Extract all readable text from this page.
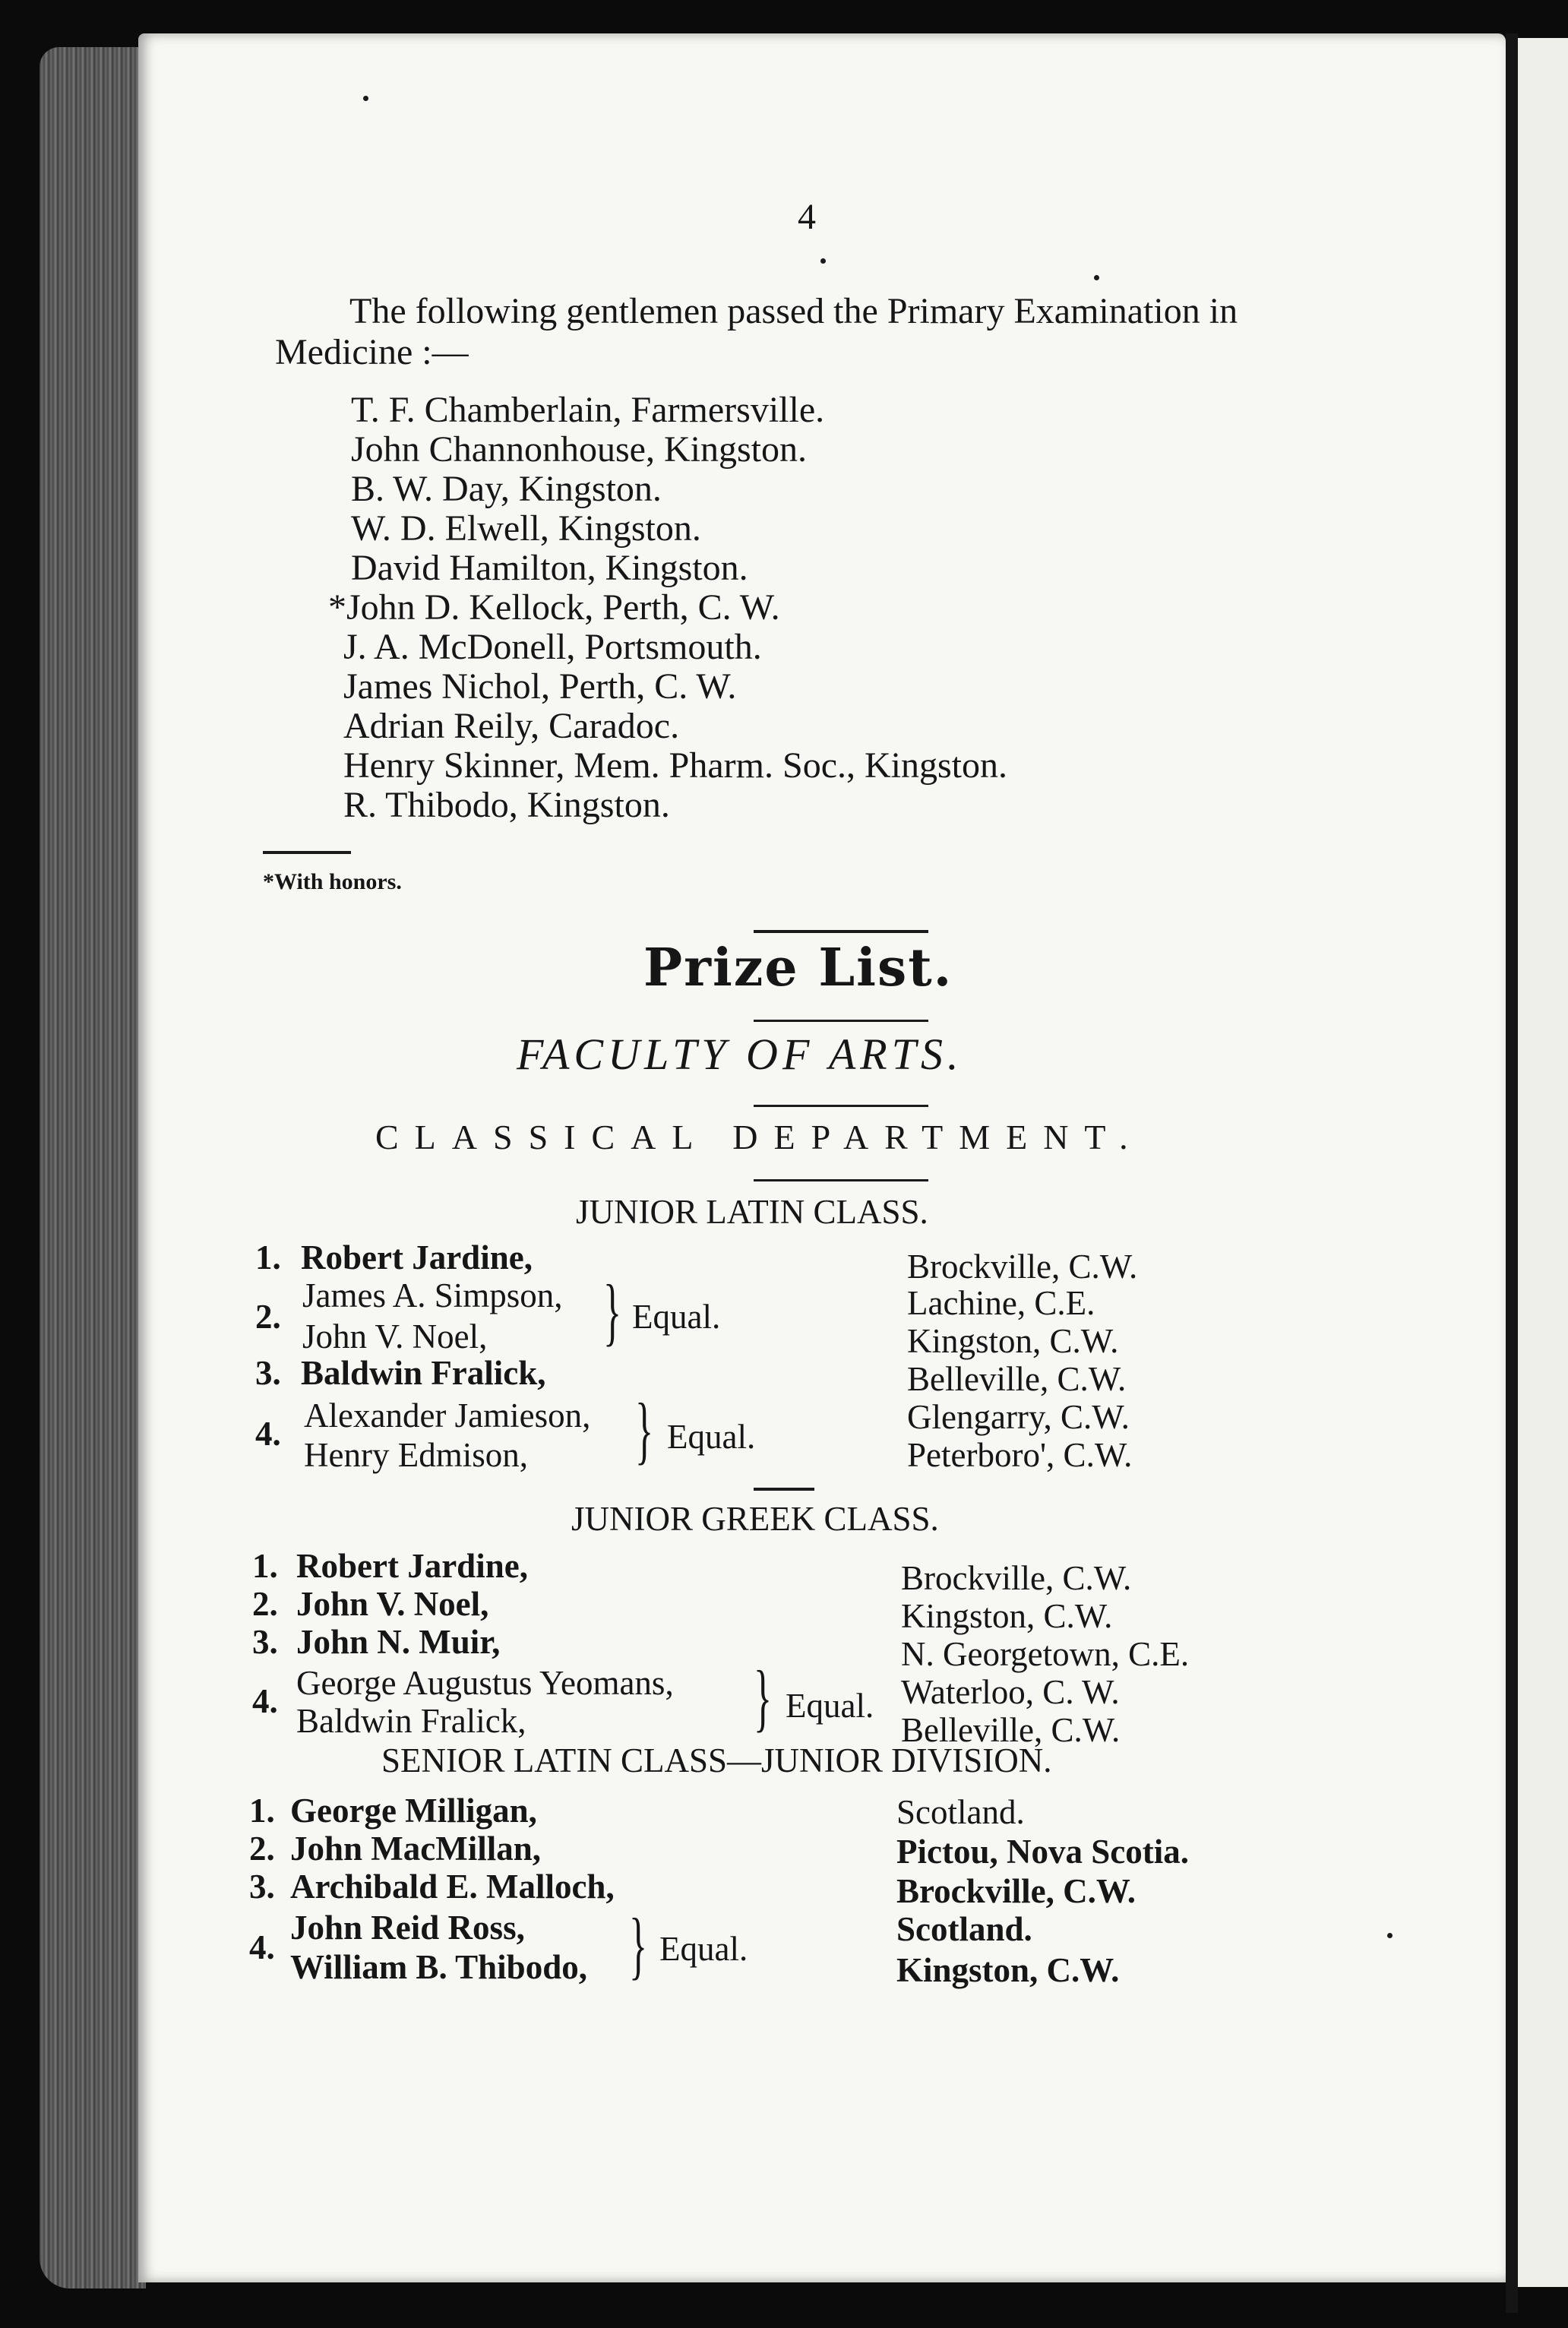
4
The following gentlemen passed the Primary Examination in
Medicine :—
T. F. Chamberlain, Farmersville.
John Channonhouse, Kingston.
B. W. Day, Kingston.
W. D. Elwell, Kingston.
David Hamilton, Kingston.
*John D. Kellock, Perth, C. W.
J. A. McDonell, Portsmouth.
James Nichol, Perth, C. W.
Adrian Reily, Caradoc.
Henry Skinner, Mem. Pharm. Soc., Kingston.
R. Thibodo, Kingston.
*With honors.
Prize List.
FACULTY OF ARTS.
CLASSICAL DEPARTMENT.
JUNIOR LATIN CLASS.
1. Robert Jardine,	Brockville, C.W.
2.
James A. Simpson,	Lachine, C.E.
John V. Noel,	Kingston, C.W.
} Equal.
3. Baldwin Fralick,	Belleville, C.W.
4. Alexander Jamieson,	Glengarry, C.W.
Henry Edmison,	Peterboro', C.W.
} Equal.
JUNIOR GREEK CLASS.
1. Robert Jardine,	Brockville, C.W.
2. John V. Noel,	Kingston, C.W.
3. John N. Muir,	N. Georgetown, C.E.
4. George Augustus Yeomans,	Waterloo, C. W.
Baldwin Fralick,	Belleville, C.W.
} Equal.
SENIOR LATIN CLASS—JUNIOR DIVISION.
1. George Milligan,	Scotland.
2. John MacMillan,	Pictou, Nova Scotia.
3. Archibald E. Malloch,	Brockville, C.W.
4.
John Reid Ross,	Scotland.
William B. Thibodo,	Kingston, C.W.
} Equal.
